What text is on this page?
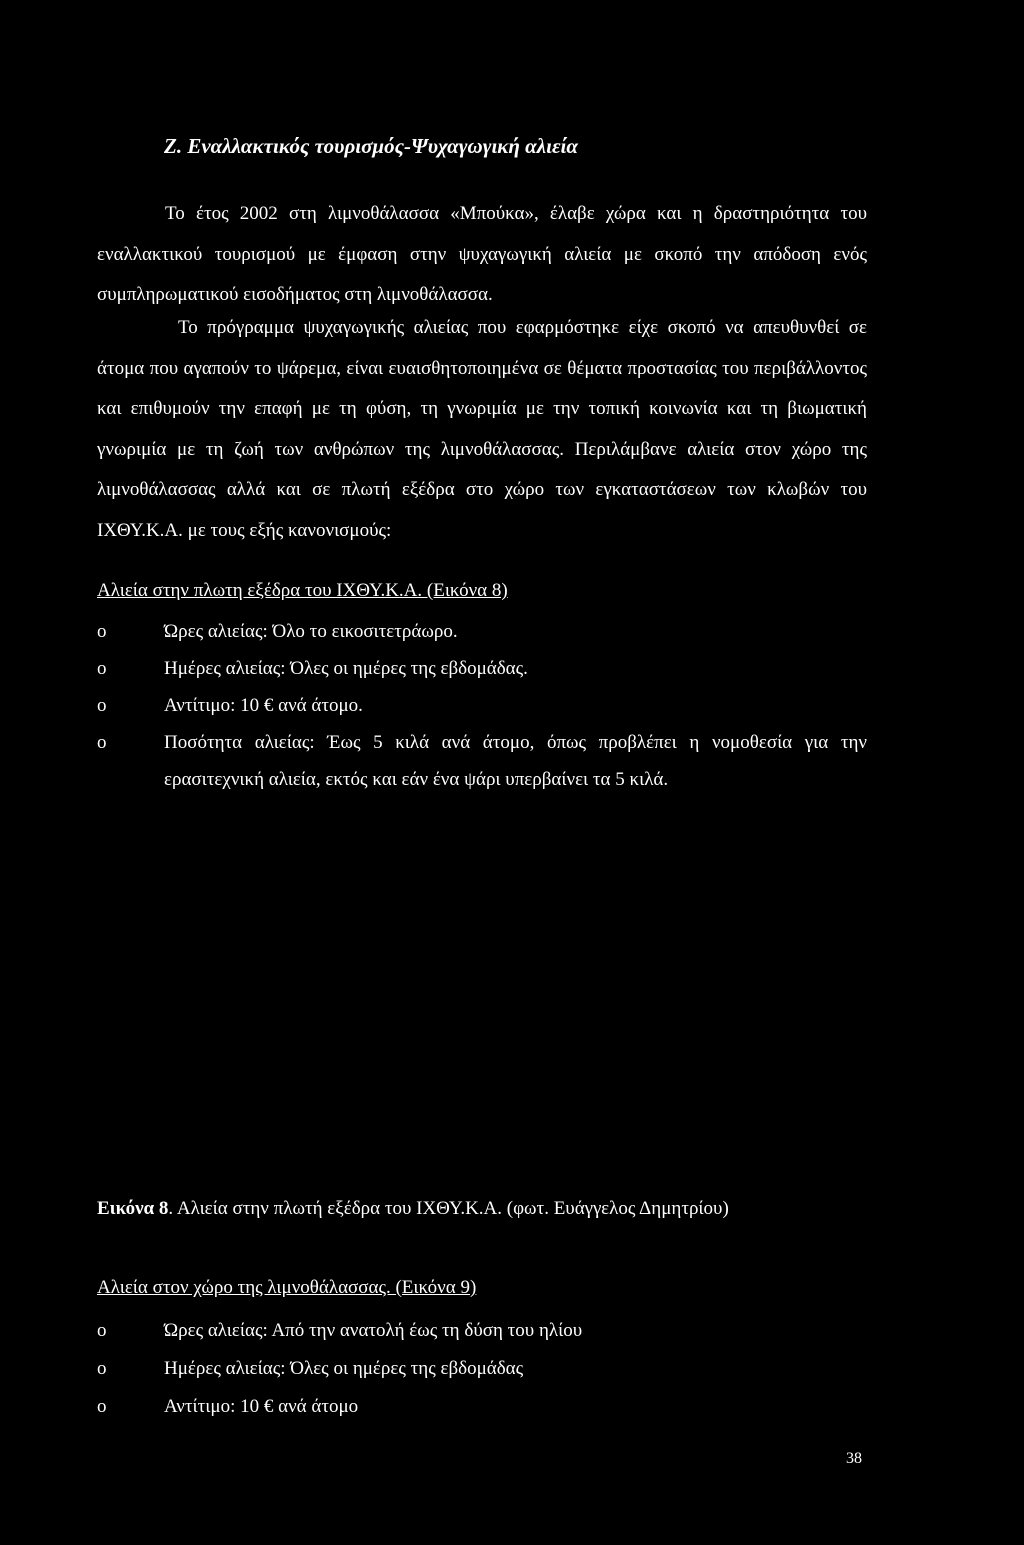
Ζ. Εναλλακτικός τουρισμός-Ψυχαγωγική αλιεία

Το έτος 2002 στη λιμνοθάλασσα «Μπούκα», έλαβε χώρα και η δραστηριότητα του εναλλακτικού τουρισμού με έμφαση στην ψυχαγωγική αλιεία με σκοπό την απόδοση ενός συμπληρωματικού εισοδήματος στη λιμνοθάλασσα.

Το πρόγραμμα ψυχαγωγικής αλιείας που εφαρμόστηκε είχε σκοπό να απευθυνθεί σε άτομα που αγαπούν το ψάρεμα, είναι ευαισθητοποιημένα σε θέματα προστασίας του περιβάλλοντος και επιθυμούν την επαφή με τη φύση, τη γνωριμία με την τοπική κοινωνία και τη βιωματική γνωριμία με τη ζωή των ανθρώπων της λιμνοθάλασσας. Περιλάμβανε αλιεία στον χώρο της λιμνοθάλασσας αλλά και σε πλωτή εξέδρα στο χώρο των εγκαταστάσεων των κλωβών του ΙΧΘΥ.Κ.Α. με τους εξής κανονισμούς:

Αλιεία στην πλωτη εξέδρα του ΙΧΘΥ.Κ.Α. (Εικόνα 8)
o	Ώρες αλιείας: Όλο το εικοσιτετράωρο.
o	Ημέρες αλιείας: Όλες οι ημέρες της εβδομάδας.
o	Αντίτιμο: 10 € ανά άτομο.
o	Ποσότητα αλιείας: Έως 5 κιλά ανά άτομο, όπως προβλέπει η νομοθεσία για την ερασιτεχνική αλιεία, εκτός και εάν ένα ψάρι υπερβαίνει τα 5 κιλά.
Εικόνα 8. Αλιεία στην πλωτή εξέδρα του ΙΧΘΥ.Κ.Α. (φωτ. Ευάγγελος Δημητρίου)
Αλιεία στον χώρο της λιμνοθάλασσας. (Εικόνα 9)
o	Ώρες αλιείας: Από την ανατολή έως τη δύση του ηλίου
o	Ημέρες αλιείας: Όλες οι ημέρες της εβδομάδας
o	Αντίτιμο: 10 € ανά άτομο
38
